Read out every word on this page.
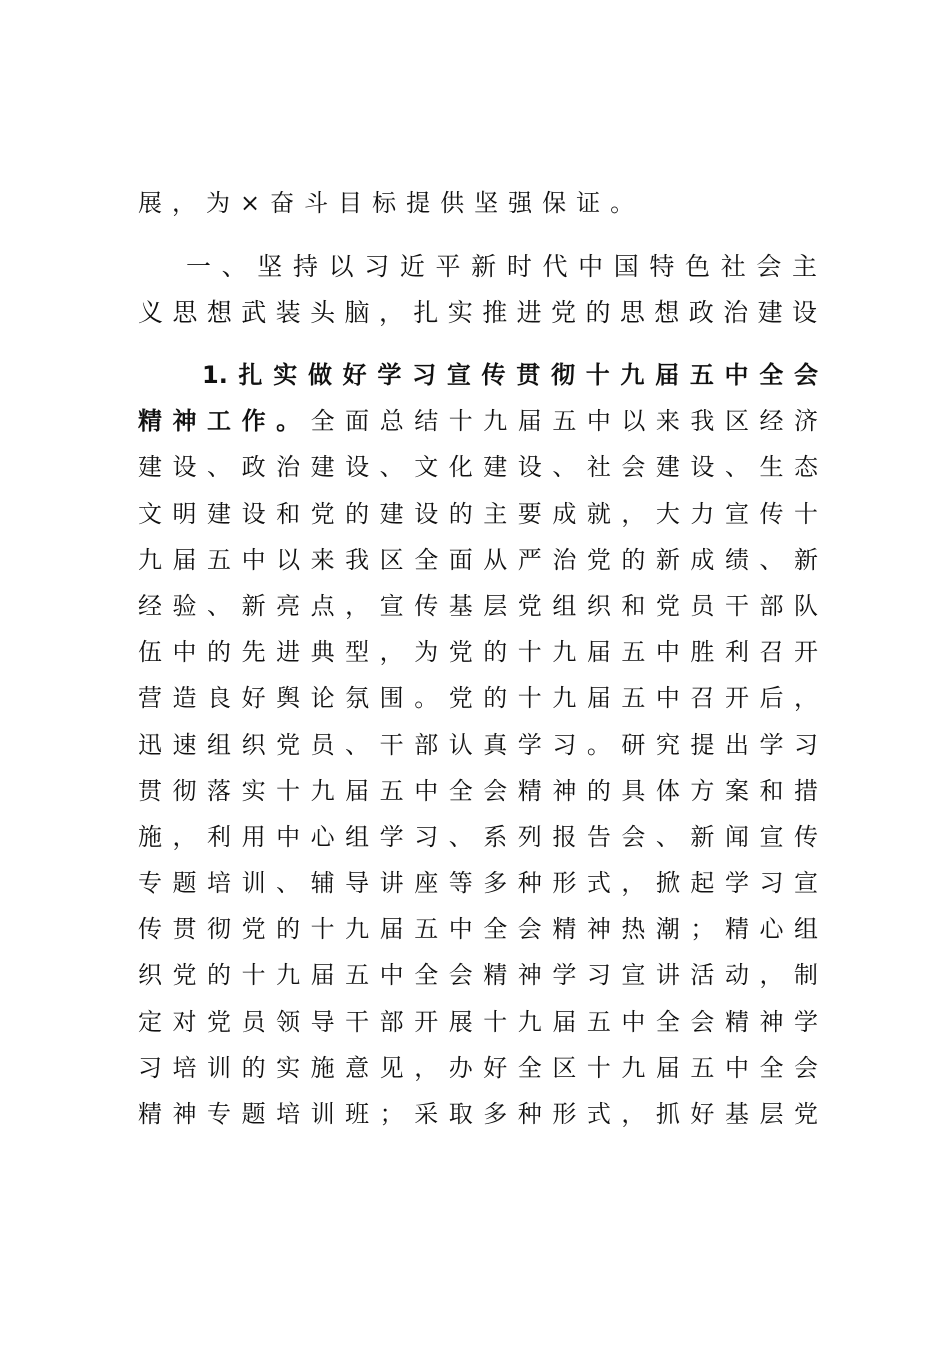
展，为×奋斗目标提供坚强保证。
一、坚持以习近平新时代中国特色社会主
义思想武装头脑，扎实推进党的思想政治建设
1.扎实做好学习宣传贯彻十九届五中全会
精神工作。全面总结十九届五中以来我区经济
建设、政治建设、文化建设、社会建设、生态
文明建设和党的建设的主要成就，大力宣传十
九届五中以来我区全面从严治党的新成绩、新
经验、新亮点，宣传基层党组织和党员干部队
伍中的先进典型，为党的十九届五中胜利召开
营造良好舆论氛围。党的十九届五中召开后，
迅速组织党员、干部认真学习。研究提出学习
贯彻落实十九届五中全会精神的具体方案和措
施，利用中心组学习、系列报告会、新闻宣传
专题培训、辅导讲座等多种形式，掀起学习宣
传贯彻党的十九届五中全会精神热潮；精心组
织党的十九届五中全会精神学习宣讲活动，制
定对党员领导干部开展十九届五中全会精神学
习培训的实施意见，办好全区十九届五中全会
精神专题培训班；采取多种形式，抓好基层党
